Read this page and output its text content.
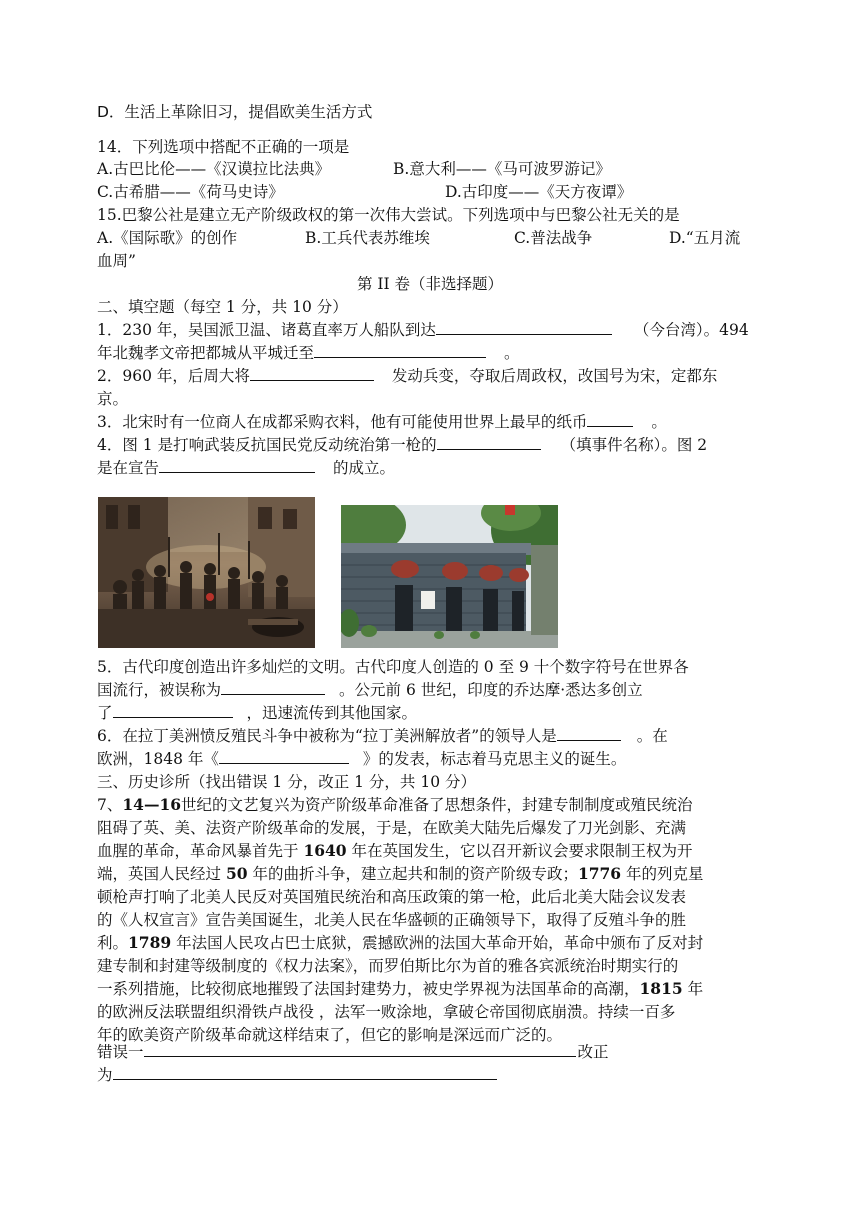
D．生活上革除旧习，提倡欧美生活方式
14．下列选项中搭配不正确的一项是
A.古巴比伦——《汉谟拉比法典》	B.意大利——《马可波罗游记》
C.古希腊——《荷马史诗》	D.古印度——《天方夜谭》
15.巴黎公社是建立无产阶级政权的第一次伟大尝试。下列选项中与巴黎公社无关的是
A.《国际歌》的创作	B.工兵代表苏维埃	C.普法战争	D.“五月流
血周”
第 II 卷（非选择题）
二、填空题（每空 1 分，共 10 分）
1．230 年，吴国派卫温、诸葛直率万人船队到达	（今台湾）。494
年北魏孝文帝把都城从平城迁至	。
2．960 年，后周大将	发动兵变，夺取后周政权，改国号为宋，定都东
京。
3．北宋时有一位商人在成都采购衣料，他有可能使用世界上最早的纸币	。
4．图 1 是打响武装反抗国民党反动统治第一枪的	（填事件名称）。图 2
是在宣告	的成立。
5．古代印度创造出许多灿烂的文明。古代印度人创造的 0 至 9 十个数字符号在世界各
国流行，被误称为	。公元前 6 世纪，印度的乔达摩·悉达多创立
了	，迅速流传到其他国家。
6．在拉丁美洲愤反殖民斗争中被称为“拉丁美洲解放者”的领导人是	。在
欧洲，1848 年《	》的发表，标志着马克思主义的诞生。
三、历史诊所（找出错误 1 分，改正 1 分，共 10 分）
7、14—16世纪的文艺复兴为资产阶级革命准备了思想条件，封建专制制度或殖民统治
阻碍了英、美、法资产阶级革命的发展，于是，在欧美大陆先后爆发了刀光剑影、充满
血腥的革命，革命风暴首先于 1640 年在英国发生，它以召开新议会要求限制王权为开
端，英国人民经过 50 年的曲折斗争，建立起共和制的资产阶级专政；1776 年的列克星
顿枪声打响了北美人民反对英国殖民统治和高压政策的第一枪，此后北美大陆会议发表
的《人权宣言》宣告美国诞生，北美人民在华盛顿的正确领导下，取得了反殖斗争的胜
利。1789 年法国人民攻占巴士底狱，震撼欧洲的法国大革命开始，革命中颁布了反对封
建专制和封建等级制度的《权力法案》，而罗伯斯比尔为首的雅各宾派统治时期实行的
一系列措施，比较彻底地摧毁了法国封建势力，被史学界视为法国革命的高潮，1815 年
的欧洲反法联盟组织滑铁卢战役 ，法军一败涂地，拿破仑帝国彻底崩溃。持续一百多
年的欧美资产阶级革命就这样结束了，但它的影响是深远而广泛的。
错误一	改正
为
